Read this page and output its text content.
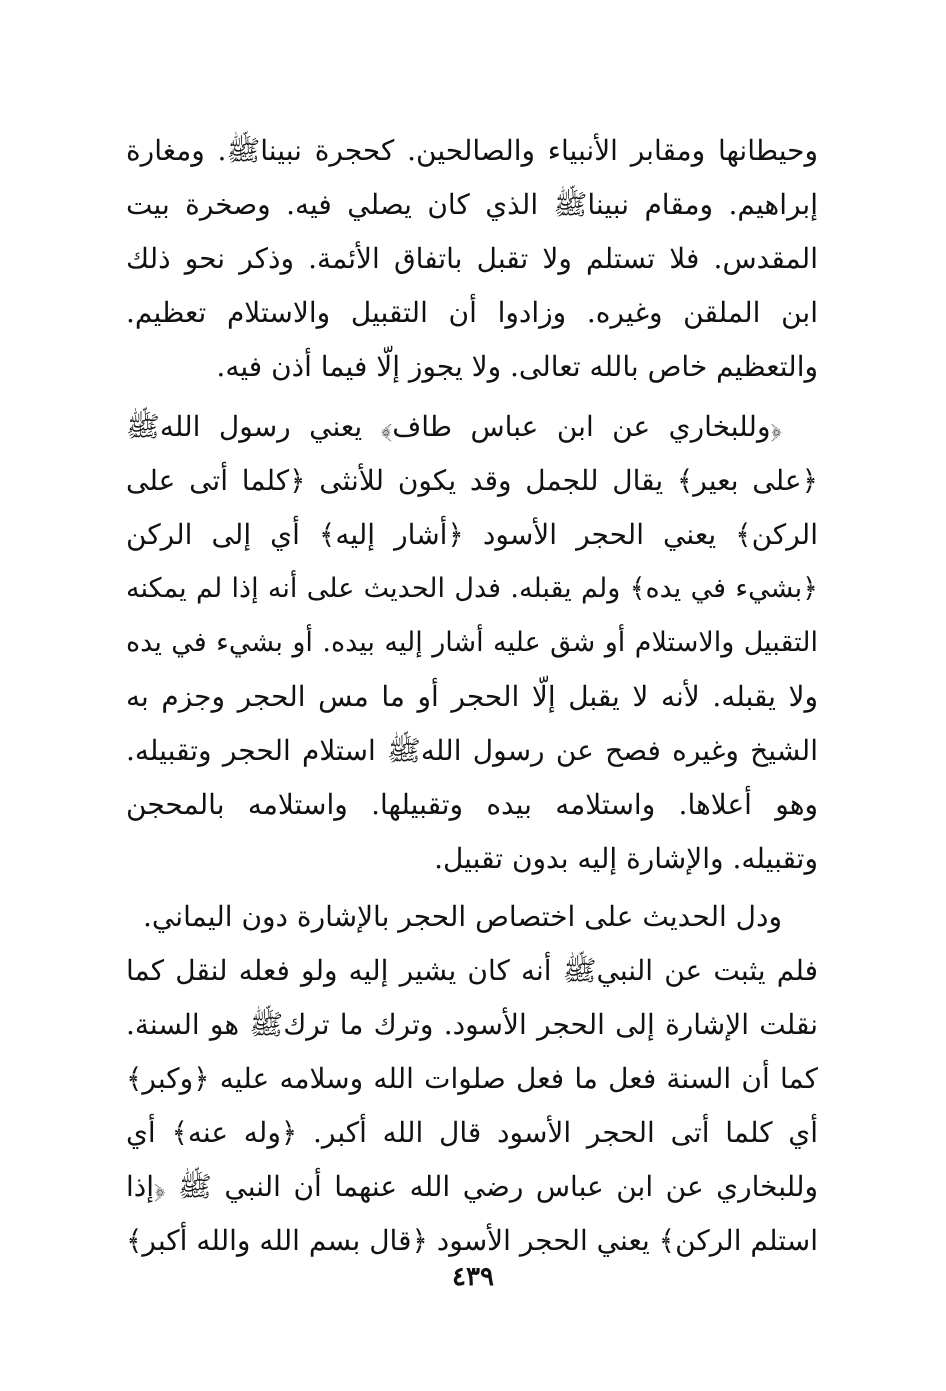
وحيطانها ومقابر الأنبياء والصالحين. كحجرة نبيناﷺ. ومغارة
إبراهيم. ومقام نبيناﷺ الذي كان يصلي فيه. وصخرة بيت
المقدس. فلا تستلم ولا تقبل باتفاق الأئمة. وذكر نحو ذلك
ابن الملقن وغيره. وزادوا أن التقبيل والاستلام تعظيم.
والتعظيم خاص بالله تعالى. ولا يجوز إلّا فيما أذن فيه.
﴿وللبخاري عن ابن عباس طاف﴾ يعني رسول اللهﷺ
﴿على بعير﴾ يقال للجمل وقد يكون للأنثى ﴿كلما أتى على
الركن﴾ يعني الحجر الأسود ﴿أشار إليه﴾ أي إلى الركن
﴿بشيء في يده﴾ ولم يقبله. فدل الحديث على أنه إذا لم يمكنه
التقبيل والاستلام أو شق عليه أشار إليه بيده. أو بشيء في يده
ولا يقبله. لأنه لا يقبل إلّا الحجر أو ما مس الحجر وجزم به
الشيخ وغيره فصح عن رسول اللهﷺ استلام الحجر وتقبيله.
وهو أعلاها. واستلامه بيده وتقبيلها. واستلامه بالمحجن
وتقبيله. والإشارة إليه بدون تقبيل.
ودل الحديث على اختصاص الحجر بالإشارة دون اليماني.
فلم يثبت عن النبيﷺ أنه كان يشير إليه ولو فعله لنقل كما
نقلت الإشارة إلى الحجر الأسود. وترك ما تركﷺ هو السنة.
كما أن السنة فعل ما فعل صلوات الله وسلامه عليه ﴿وكبر﴾
أي كلما أتى الحجر الأسود قال الله أكبر. ﴿وله عنه﴾ أي
وللبخاري عن ابن عباس رضي الله عنهما أن النبي ﷺ ﴿إذا
استلم الركن﴾ يعني الحجر الأسود ﴿قال بسم الله والله أكبر﴾
٤٣٩
